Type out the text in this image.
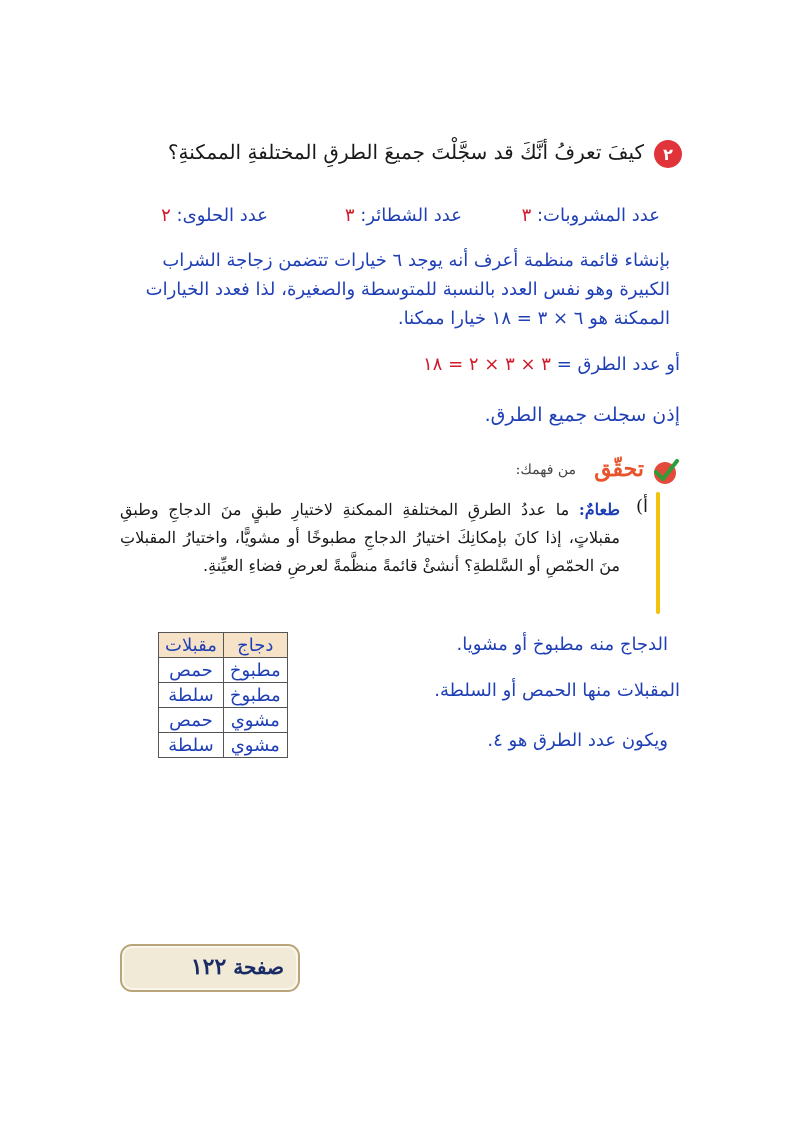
٢
كيفَ تعرفُ أنَّكَ قد سجَّلْتَ جميعَ الطرقِ المختلفةِ الممكنةِ؟
عدد المشروبات: ٣
عدد الشطائر: ٣
عدد الحلوى: ٢
بإنشاء قائمة منظمة أعرف أنه يوجد ٦ خيارات تتضمن زجاجة الشراب الكبيرة وهو نفس العدد بالنسبة للمتوسطة والصغيرة، لذا فعدد الخيارات الممكنة هو ٦ × ٣ = ١٨ خيارا ممكنا.
أو عدد الطرق = ٣ × ٣ × ٢ = ١٨
إذن سجلت جميع الطرق.
تحقّق
من فهمك:
أ)
طعامٌ: ما عددُ الطرقِ المختلفةِ الممكنةِ لاختيارِ طبقٍ منَ الدجاجِ وطبقِ مقبلاتٍ، إذا كانَ بإمكانِكَ اختيارُ الدجاجِ مطبوخًا أو مشويًّا، واختيارُ المقبلاتِ منَ الحمّصِ أو السَّلطةِ؟ أنشئْ قائمةً منظَّمةً لعرضِ فضاءِ العيِّنةِ.
دجاج	مقبلات
مطبوخ	حمص
مطبوخ	سلطة
مشوي	حمص
مشوي	سلطة
الدجاج منه مطبوخ أو مشويا.
المقبلات منها الحمص أو السلطة.
ويكون عدد الطرق هو ٤.
صفحة ١٢٢
